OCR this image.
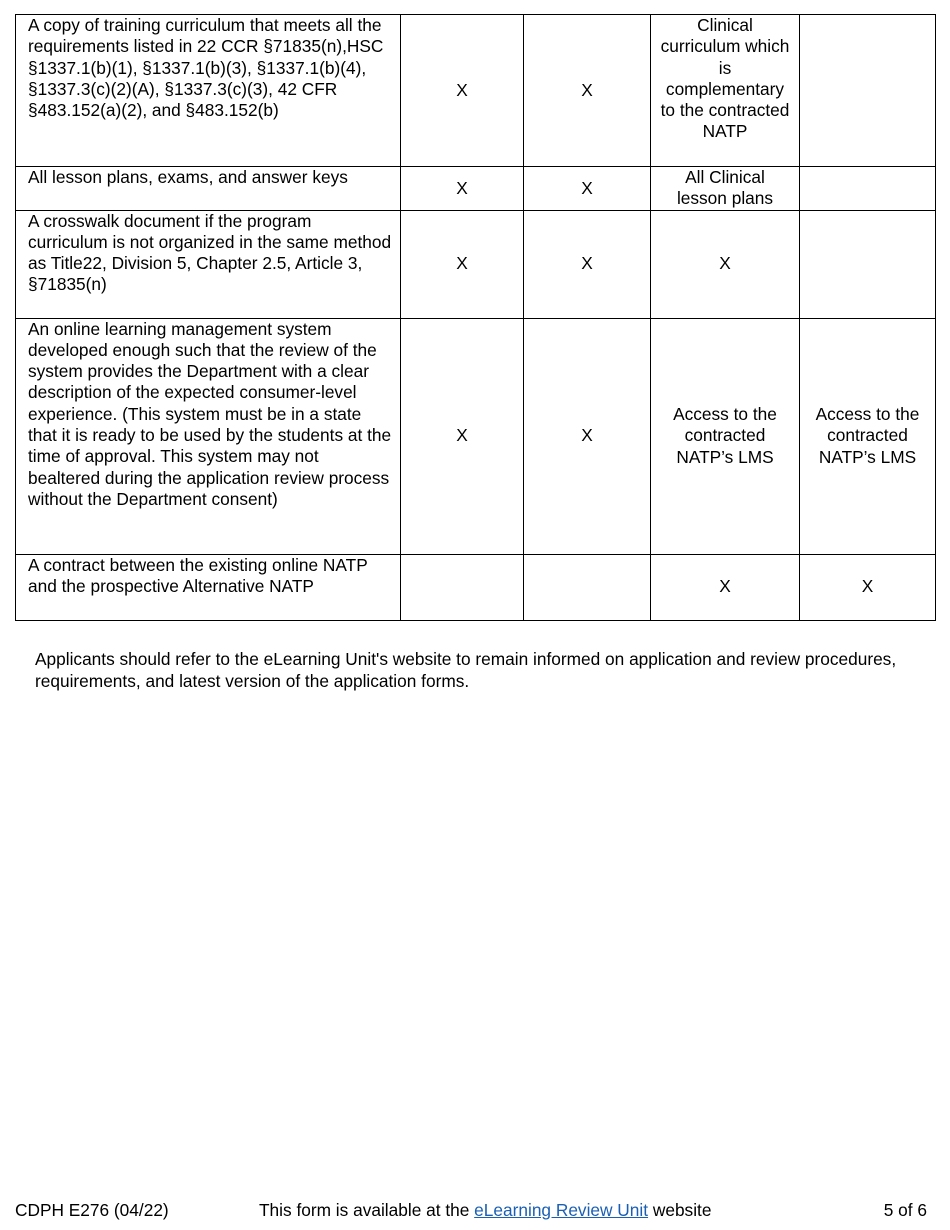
A copy of training curriculum that meets all the requirements listed in 22 CCR §71835(n),HSC §1337.1(b)(1), §1337.1(b)(3), §1337.1(b)(4), §1337.3(c)(2)(A), §1337.3(c)(3), 42 CFR §483.152(a)(2), and §483.152(b)	X	X	Clinical curriculum which is complementary to the contracted NATP	
All lesson plans, exams, and answer keys	X	X	All Clinical lesson plans	
A crosswalk document if the program curriculum is not organized in the same method as Title22, Division 5, Chapter 2.5, Article 3, §71835(n)	X	X	X	
An online learning management system developed enough such that the review of the system provides the Department with a clear description of the expected consumer-level experience. (This system must be in a state that it is ready to be used by the students at the time of approval. This system may not bealtered during the application review process without the Department consent)	X	X	Access to the contracted NATP’s LMS	Access to the contracted NATP’s LMS
A contract between the existing online NATP and the prospective Alternative NATP			X	X
Applicants should refer to the eLearning Unit's website to remain informed on application and review procedures, requirements, and latest version of the application forms.
CDPH E276 (04/22)	This form is available at the eLearning Review Unit website	5 of 6
